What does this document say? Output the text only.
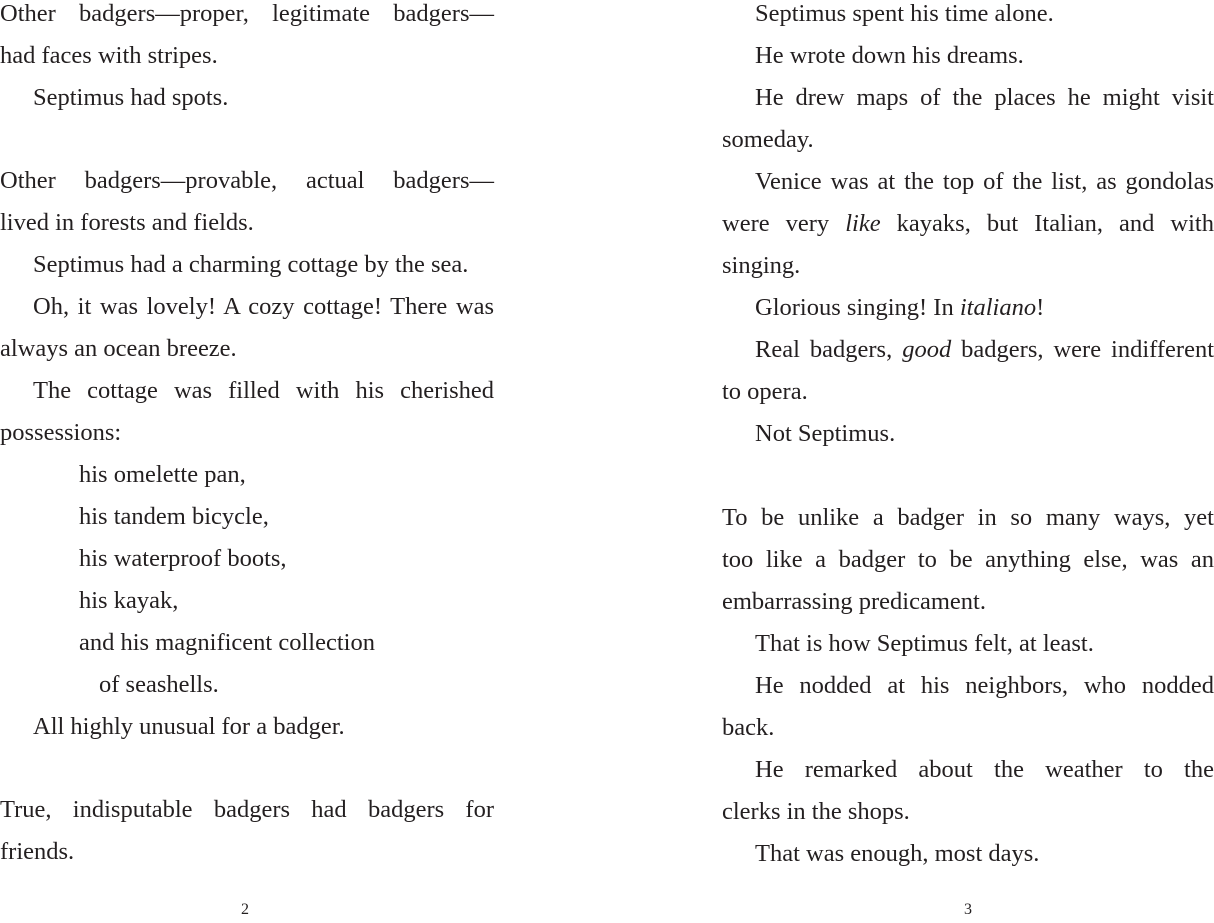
Other badgers—proper, legitimate badgers—
had faces with stripes.
Septimus had spots.
Other badgers—provable, actual badgers—
lived in forests and fields.
Septimus had a charming cottage by the sea.
Oh, it was lovely! A cozy cottage! There was
always an ocean breeze.
The cottage was filled with his cherished
possessions:
his omelette pan,
his tandem bicycle,
his waterproof boots,
his kayak,
and his magnificent collection
of seashells.
All highly unusual for a badger.
True, indisputable badgers had badgers for
friends.
2
Septimus spent his time alone.
He wrote down his dreams.
He drew maps of the places he might visit
someday.
Venice was at the top of the list, as gondolas
were very like kayaks, but Italian, and with
singing.
Glorious singing! In italiano!
Real badgers, good badgers, were indifferent
to opera.
Not Septimus.
To be unlike a badger in so many ways, yet
too like a badger to be anything else, was an
embarrassing predicament.
That is how Septimus felt, at least.
He nodded at his neighbors, who nodded
back.
He remarked about the weather to the
clerks in the shops.
That was enough, most days.
3
